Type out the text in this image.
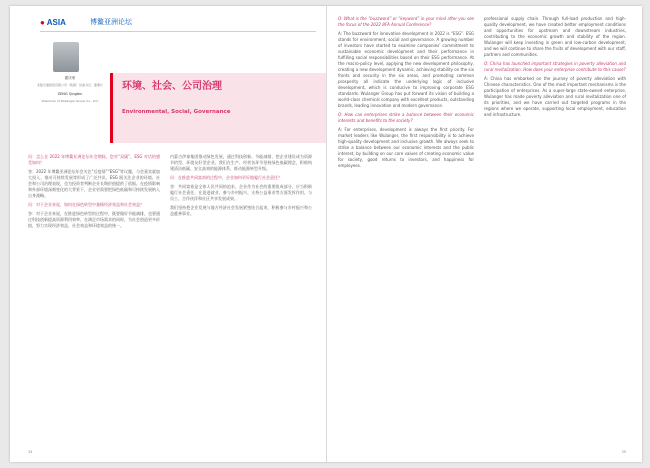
● ASIA	博鳌亚洲论坛
霍庆荣
北陆宇通控股有限公司（集团）党委书记、董事长
ZENG Qingbin
Chairman of Wulanger Group Co., Ltd.
环境、社会、公司治理
Environmental, Social, Governance

问：怎么在 2022 年博鳌亚洲论坛年会期间，您对“双碳”、ESG 对话的感受如何？

答：2022 年博鳌亚洲论坛年会关注“后疫情”“ESG”等议题，与会嘉宾就加大投入、推动可持续发展等形成了广泛共识。ESG 既关注企业的环境、社会和公司治理表现，也为投资者判断企业长期价值提供了依据。在疫情影响和外部环境深刻变化的大背景下，企业更需要把绿色低碳和可持续发展纳入自身战略。

问：对于企业来说，如何在绿色转型中兼顾经济效益和社会效益？

答：对于企业来说，在推进绿色转型的过程中，既要做好节能减排，也要通过科技创新提高资源利用效率，在满足市场需求的同时，为社会创造更多价值，努力实现经济效益、社会效益和环境效益的统一。

内蒙古伊泰集团推动绿色发展，通过科技创新、节能减排，把企业建设成为资源节约型、环境友好型企业。我们在生产、经营各环节坚持绿色低碳理念，积极构建清洁低碳、安全高效的能源体系，推动能源转型升级。

问：在推进共同富裕的过程中，企业如何更好地履行社会责任？

答：共同富裕是全体人民共同的追求，企业作为社会的重要组成部分，应当积极履行社会责任，在促进就业、参与乡村振兴、支持公益事业等方面发挥作用，与员工、合作伙伴和社区共享发展成果。

我们坚持把企业发展与地方经济社会发展紧密结合起来，积极参与乡村振兴和公益慈善事业。

34

Q: What is the “buzzword” or “keyword” in your mind after you see the focus of the 2022 BFA Annual Conference?

A: The buzzword for innovative development in 2022 is “ESG”. ESG stands for environment, social and governance. A growing number of investors have started to examine companies’ commitment to sustainable economic development and their performance in fulfilling social responsibilities based on their ESG performance. At the macro-policy level, applying the new development philosophy, creating a new development dynamic, achieving stability on the six fronts and security in the six areas, and promoting common prosperity all indicate the underlying logic of inclusive development, which is conducive to improving corporate ESG standards. Wulanger Group has put forward its vision of building a world-class chemical company with excellent products, outstanding brands, leading innovation and modern governance.

Q: How can enterprises strike a balance between their economic interests and benefits to the society?

A: For enterprises, development is always the first priority. For market leaders like Wulanger, the first responsibility is to achieve high-quality development and inclusive growth. We always seek to strike a balance between our economic interests and the public interest, by building on our core values of creating economic value for society, good returns to investors, and happiness for employees.

professional supply chain. Through full-load production and high-quality development, we have created better employment conditions and opportunities for upstream and downstream industries, contributing to the economic growth and stability of the region. Wulanger will keep investing in green and low-carbon development, and we will continue to share the fruits of development with our staff, partners and communities.

Q: China has launched important strategies in poverty alleviation and rural revitalization. How does your enterprise contribute to this cause?

A: China has embarked on the journey of poverty alleviation with Chinese characteristics. One of the most important mechanisms is the participation of enterprises. As a super-large state-owned enterprise, Wulanger has made poverty alleviation and rural revitalization one of its priorities, and we have carried out targeted programs in the regions where we operate, supporting local employment, education and infrastructure.

35
